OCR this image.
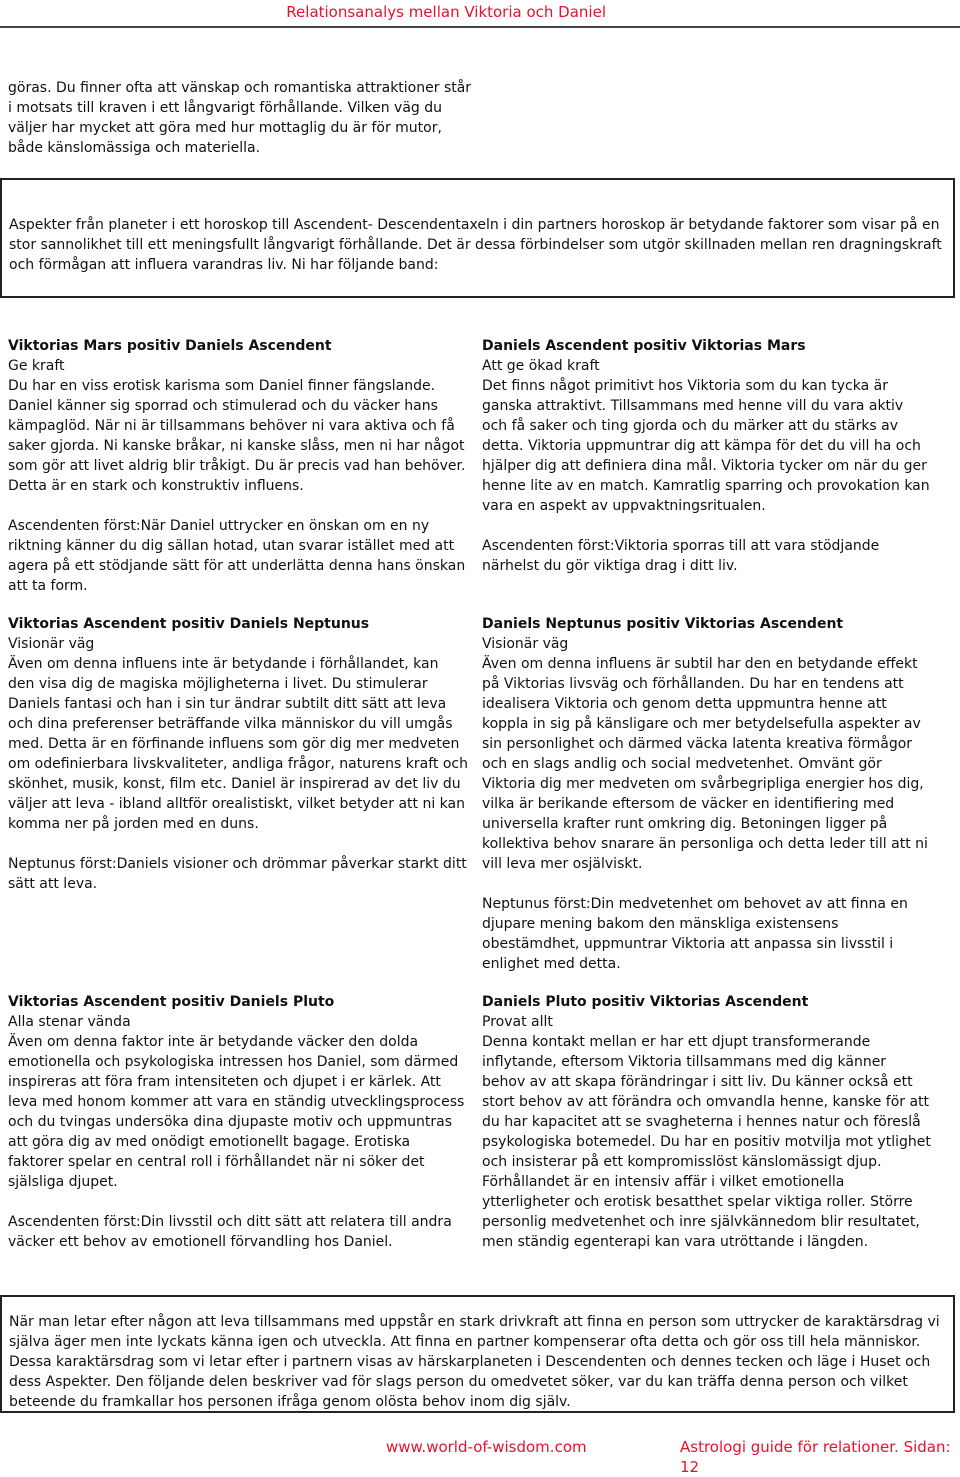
Relationsanalys mellan Viktoria och Daniel
göras. Du finner ofta att vänskap och romantiska attraktioner står i motsats till kraven i ett långvarigt förhållande. Vilken väg du väljer har mycket att göra med hur mottaglig du är för mutor, både känslomässiga och materiella.
Aspekter från planeter i ett horoskop till Ascendent- Descendentaxeln i din partners horoskop är betydande faktorer som visar på en stor sannolikhet till ett meningsfullt långvarigt förhållande. Det är dessa förbindelser som utgör skillnaden mellan ren dragningskraft och förmågan att influera varandras liv. Ni har följande band:
Viktorias Mars positiv Daniels Ascendent
Ge kraft
Du har en viss erotisk karisma som Daniel finner fängslande. Daniel känner sig sporrad och stimulerad och du väcker hans kämpaglöd. När ni är tillsammans behöver ni vara aktiva och få saker gjorda. Ni kanske bråkar, ni kanske slåss, men ni har något som gör att livet aldrig blir tråkigt. Du är precis vad han behöver. Detta är en stark och konstruktiv influens.
Ascendenten först:När Daniel uttrycker en önskan om en ny riktning känner du dig sällan hotad, utan svarar istället med att agera på ett stödjande sätt för att underlätta denna hans önskan att ta form.
Daniels Ascendent positiv Viktorias Mars
Att ge ökad kraft
Det finns något primitivt hos Viktoria som du kan tycka är ganska attraktivt. Tillsammans med henne vill du vara aktiv och få saker och ting gjorda och du märker att du stärks av detta. Viktoria uppmuntrar dig att kämpa för det du vill ha och hjälper dig att definiera dina mål. Viktoria tycker om när du ger henne lite av en match. Kamratlig sparring och provokation kan vara en aspekt av uppvaktningsritualen.
Ascendenten först:Viktoria sporras till att vara stödjande närhelst du gör viktiga drag i ditt liv.
Viktorias Ascendent positiv Daniels Neptunus
Visionär väg
Även om denna influens inte är betydande i förhållandet, kan den visa dig de magiska möjligheterna i livet. Du stimulerar Daniels fantasi och han i sin tur ändrar subtilt ditt sätt att leva och dina preferenser beträffande vilka människor du vill umgås med. Detta är en förfinande influens som gör dig mer medveten om odefinierbara livskvaliteter, andliga frågor, naturens kraft och skönhet, musik, konst, film etc. Daniel är inspirerad av det liv du väljer att leva - ibland alltför orealistiskt, vilket betyder att ni kan komma ner på jorden med en duns.
Neptunus först:Daniels visioner och drömmar påverkar starkt ditt sätt att leva.
Daniels Neptunus positiv Viktorias Ascendent
Visionär väg
Även om denna influens är subtil har den en betydande effekt på Viktorias livsväg och förhållanden. Du har en tendens att idealisera Viktoria och genom detta uppmuntra henne att koppla in sig på känsligare och mer betydelsefulla aspekter av sin personlighet och därmed väcka latenta kreativa förmågor och en slags andlig och social medvetenhet. Omvänt gör Viktoria dig mer medveten om svårbegripliga energier hos dig, vilka är berikande eftersom de väcker en identifiering med universella krafter runt omkring dig. Betoningen ligger på kollektiva behov snarare än personliga och detta leder till att ni vill leva mer osjälviskt.
Neptunus först:Din medvetenhet om behovet av att finna en djupare mening bakom den mänskliga existensens obestämdhet, uppmuntrar Viktoria att anpassa sin livsstil i enlighet med detta.
Viktorias Ascendent positiv Daniels Pluto
Alla stenar vända
Även om denna faktor inte är betydande väcker den dolda emotionella och psykologiska intressen hos Daniel, som därmed inspireras att föra fram intensiteten och djupet i er kärlek. Att leva med honom kommer att vara en ständig utvecklingsprocess och du tvingas undersöka dina djupaste motiv och uppmuntras att göra dig av med onödigt emotionellt bagage. Erotiska faktorer spelar en central roll i förhållandet när ni söker det själsliga djupet.
Ascendenten först:Din livsstil och ditt sätt att relatera till andra väcker ett behov av emotionell förvandling hos Daniel.
Daniels Pluto positiv Viktorias Ascendent
Provat allt
Denna kontakt mellan er har ett djupt transformerande inflytande, eftersom Viktoria tillsammans med dig känner behov av att skapa förändringar i sitt liv. Du känner också ett stort behov av att förändra och omvandla henne, kanske för att du har kapacitet att se svagheterna i hennes natur och föreslå psykologiska botemedel. Du har en positiv motvilja mot ytlighet och insisterar på ett kompromisslöst känslomässigt djup. Förhållandet är en intensiv affär i vilket emotionella ytterligheter och erotisk besatthet spelar viktiga roller. Större personlig medvetenhet och inre självkännedom blir resultatet, men ständig egenterapi kan vara utröttande i längden.
När man letar efter någon att leva tillsammans med uppstår en stark drivkraft att finna en person som uttrycker de karaktärsdrag vi själva äger men inte lyckats känna igen och utveckla. Att finna en partner kompenserar ofta detta och gör oss till hela människor. Dessa karaktärsdrag som vi letar efter i partnern visas av härskarplaneten i Descendenten och dennes tecken och läge i Huset och dess Aspekter. Den följande delen beskriver vad för slags person du omedvetet söker, var du kan träffa denna person och vilket beteende du framkallar hos personen ifråga genom olösta behov inom dig själv.
www.world-of-wisdom.com	Astrologi guide för relationer. Sidan: 12
